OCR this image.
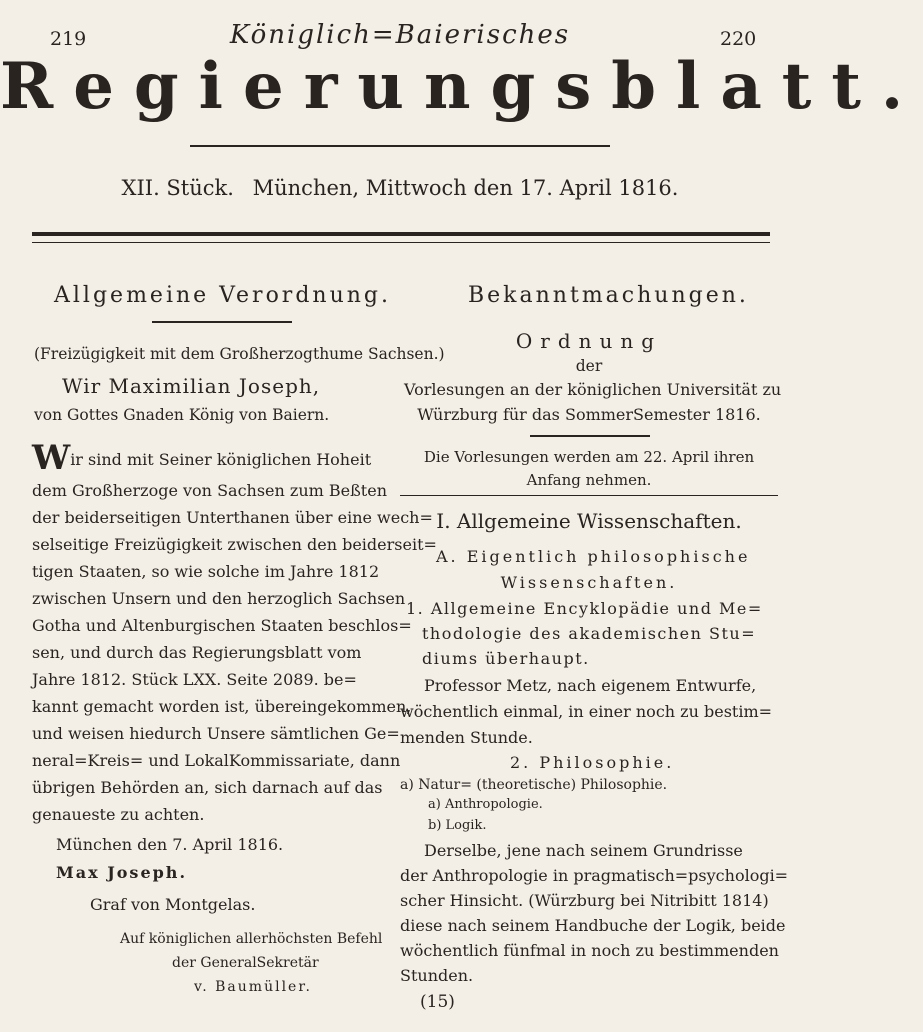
219	220
Königlich=Baierisches
Regierungsblatt.
XII. Stück. München, Mittwoch den 17. April 1816.
Allgemeine Verordnung.
(Freizügigkeit mit dem Großherzogthume Sachsen.)
Wir Maximilian Joseph,
von Gottes Gnaden König von Baiern.
Wir sind mit Seiner königlichen Hoheit
dem Großherzoge von Sachsen zum Beßten
der beiderseitigen Unterthanen über eine wech=
selseitige Freizügigkeit zwischen den beiderseit=
tigen Staaten, so wie solche im Jahre 1812
zwischen Unsern und den herzoglich Sachsen
Gotha und Altenburgischen Staaten beschlos=
sen, und durch das Regierungsblatt vom
Jahre 1812. Stück LXX. Seite 2089. be=
kannt gemacht worden ist, übereingekommen,
und weisen hiedurch Unsere sämtlichen Ge=
neral=Kreis= und LokalKommissariate, dann
übrigen Behörden an, sich darnach auf das
genaueste zu achten.
München den 7. April 1816.
Max Joseph.
Graf von Montgelas.
Auf königlichen allerhöchsten Befehl
der GeneralSekretär
v. Baumüller.
Bekanntmachungen.
Ordnung
der
Vorlesungen an der königlichen Universität zu
Würzburg für das SommerSemester 1816.
Die Vorlesungen werden am 22. April ihren
Anfang nehmen.
I. Allgemeine Wissenschaften.
A. Eigentlich philosophische
Wissenschaften.
1. Allgemeine Encyklopädie und Me=
thodologie des akademischen Stu=
diums überhaupt.
Professor Metz, nach eigenem Entwurfe,
wöchentlich einmal, in einer noch zu bestim=
menden Stunde.
2. Philosophie.
a) Natur= (theoretische) Philosophie.
a) Anthropologie.
b) Logik.
Derselbe, jene nach seinem Grundrisse
der Anthropologie in pragmatisch=psychologi=
scher Hinsicht. (Würzburg bei Nitribitt 1814)
diese nach seinem Handbuche der Logik, beide
wöchentlich fünfmal in noch zu bestimmenden
Stunden.
(15)
